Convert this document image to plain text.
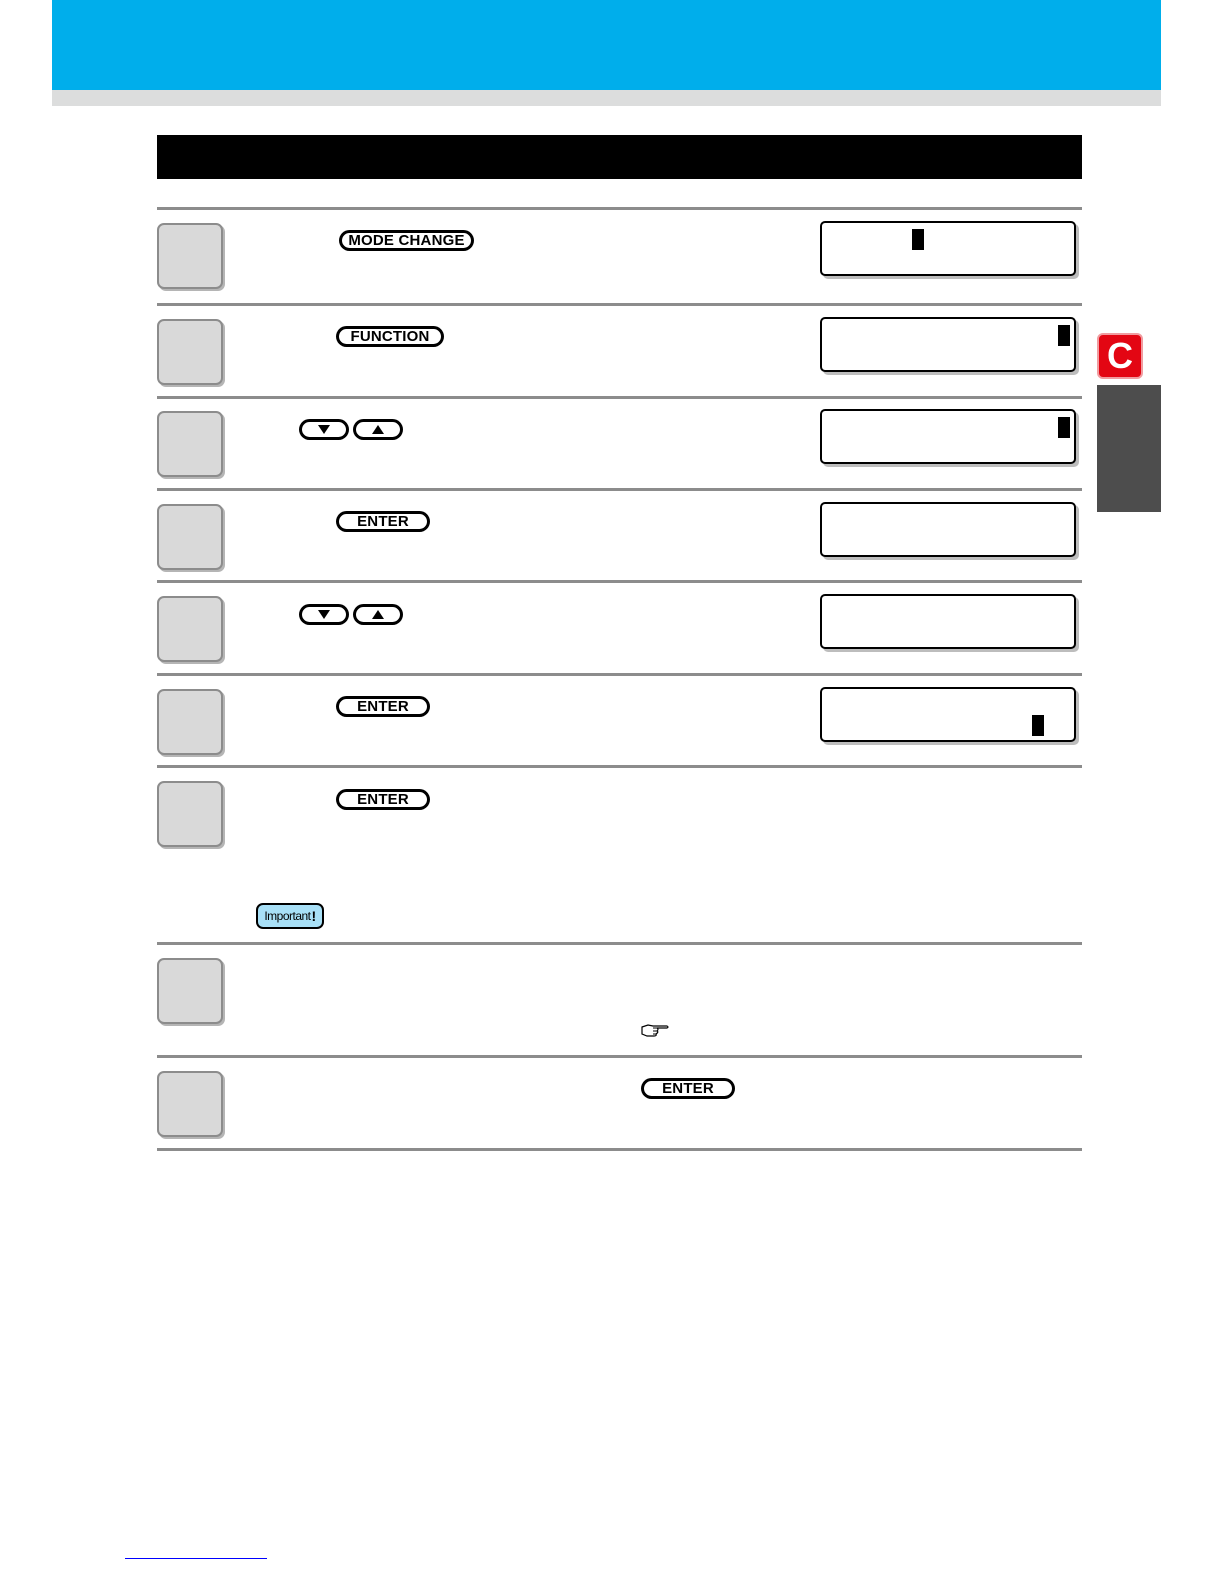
C
MODE CHANGE
FUNCTION
ENTER
ENTER
ENTER
Important !
ENTER
